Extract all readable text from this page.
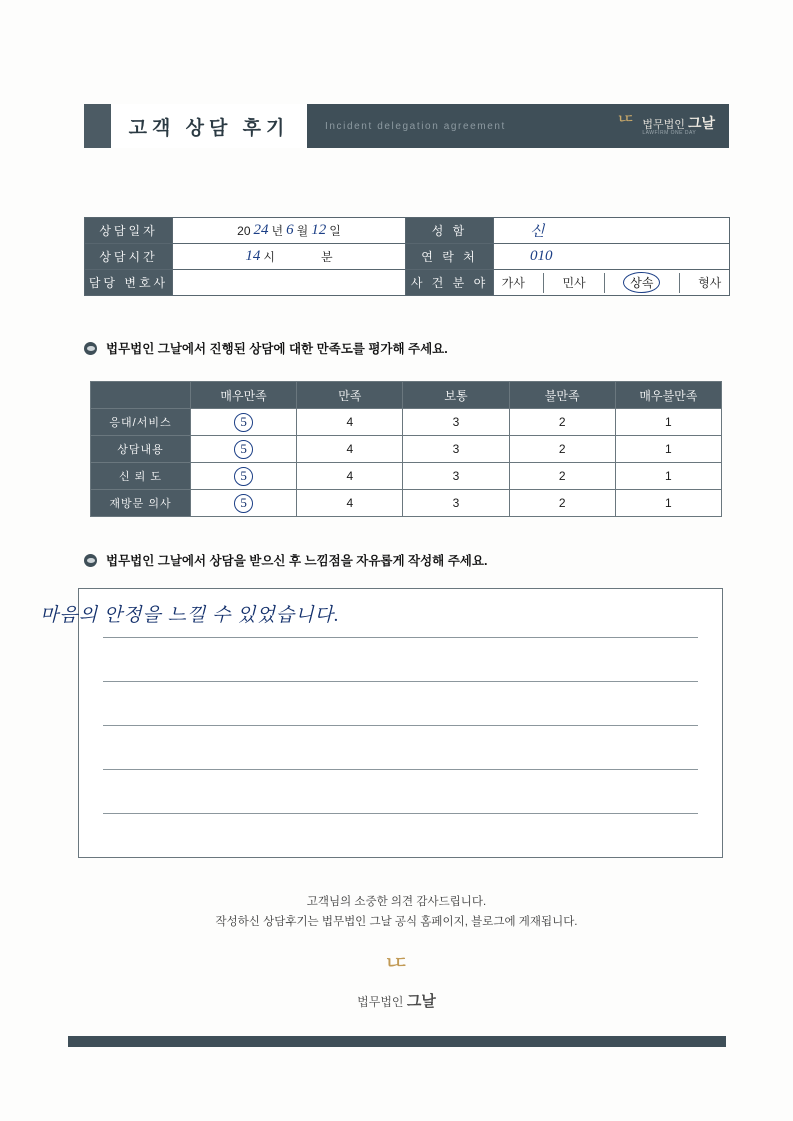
고객 상담 후기	Incident delegation agreement	ᄕ 법무법인 그날
LAWFIRM ONE DAY
상담일자	20 24 년 6 월 12 일	성 함	신

상담시간	14 시 분	연 락 처	010

담당 변호사		사 건 분 야	가사 민사 상속 형사
법무법인 그날에서 진행된 상담에 대한 만족도를 평가해 주세요.
	매우만족	만족	보통	불만족	매우불만족
응대/서비스	5	4	3	2	1
상담내용	5	4	3	2	1
신 뢰 도	5	4	3	2	1
재방문 의사	5	4	3	2	1
법무법인 그날에서 상담을 받으신 후 느낌점을 자유롭게 작성해 주세요.
마음의 안정을 느낄 수 있었습니다.
고객님의 소중한 의견 감사드립니다.
작성하신 상담후기는 법무법인 그날 공식 홈페이지, 블로그에 게재됩니다.
ᄕ
법무법인 그날
